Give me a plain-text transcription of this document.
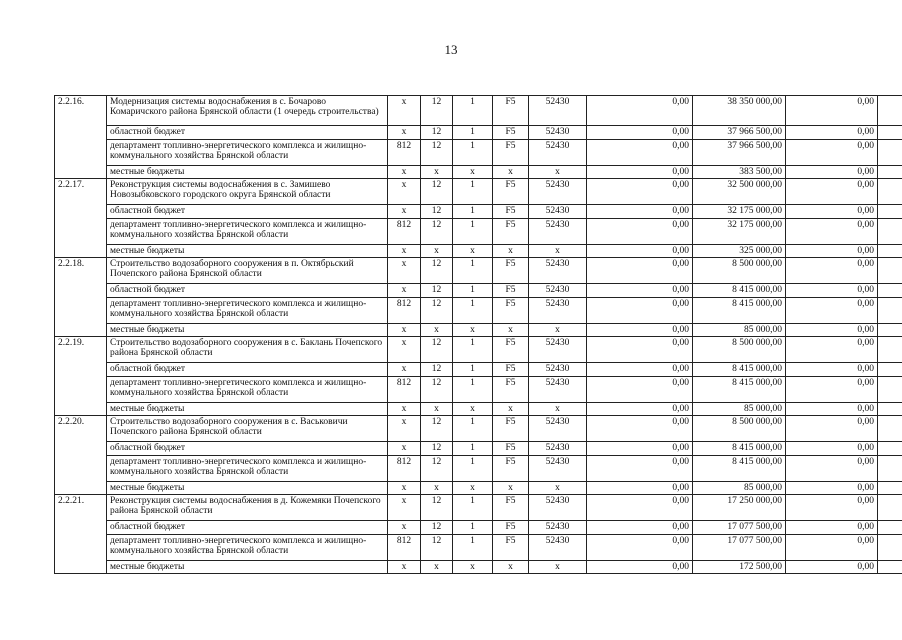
13
2.2.16.	Модернизация системы водоснабжения в с. Бочарово Комаричского района Брянской области (1 очередь строительства)	x	12	1	F5	52430	0,00	38 350 000,00	0,00	
	областной бюджет	x	12	1	F5	52430	0,00	37 966 500,00	0,00	
	департамент топливно-энергетического комплекса и жилищно-коммунального хозяйства Брянской области	812	12	1	F5	52430	0,00	37 966 500,00	0,00	
	местные бюджеты	x	x	x	x	x	0,00	383 500,00	0,00	
2.2.17.	Реконструкция системы водоснабжения в с. Замишево Новозыбковского городского округа Брянской области	x	12	1	F5	52430	0,00	32 500 000,00	0,00	
	областной бюджет	x	12	1	F5	52430	0,00	32 175 000,00	0,00	
	департамент топливно-энергетического комплекса и жилищно-коммунального хозяйства Брянской области	812	12	1	F5	52430	0,00	32 175 000,00	0,00	
	местные бюджеты	x	x	x	x	x	0,00	325 000,00	0,00	
2.2.18.	Строительство водозаборного сооружения в п. Октябрьский Почепского района Брянской области	x	12	1	F5	52430	0,00	8 500 000,00	0,00	
	областной бюджет	x	12	1	F5	52430	0,00	8 415 000,00	0,00	
	департамент топливно-энергетического комплекса и жилищно-коммунального хозяйства Брянской области	812	12	1	F5	52430	0,00	8 415 000,00	0,00	
	местные бюджеты	x	x	x	x	x	0,00	85 000,00	0,00	
2.2.19.	Строительство водозаборного сооружения в с. Баклань Почепского района Брянской области	x	12	1	F5	52430	0,00	8 500 000,00	0,00	
	областной бюджет	x	12	1	F5	52430	0,00	8 415 000,00	0,00	
	департамент топливно-энергетического комплекса и жилищно-коммунального хозяйства Брянской области	812	12	1	F5	52430	0,00	8 415 000,00	0,00	
	местные бюджеты	x	x	x	x	x	0,00	85 000,00	0,00	
2.2.20.	Строительство водозаборного сооружения в с. Васьковичи Почепского района Брянской области	x	12	1	F5	52430	0,00	8 500 000,00	0,00	
	областной бюджет	x	12	1	F5	52430	0,00	8 415 000,00	0,00	
	департамент топливно-энергетического комплекса и жилищно-коммунального хозяйства Брянской области	812	12	1	F5	52430	0,00	8 415 000,00	0,00	
	местные бюджеты	x	x	x	x	x	0,00	85 000,00	0,00	
2.2.21.	Реконструкция системы водоснабжения в д. Кожемяки Почепского района Брянской области	x	12	1	F5	52430	0,00	17 250 000,00	0,00	
	областной бюджет	x	12	1	F5	52430	0,00	17 077 500,00	0,00	
	департамент топливно-энергетического комплекса и жилищно-коммунального хозяйства Брянской области	812	12	1	F5	52430	0,00	17 077 500,00	0,00	
	местные бюджеты	x	x	x	x	x	0,00	172 500,00	0,00	
